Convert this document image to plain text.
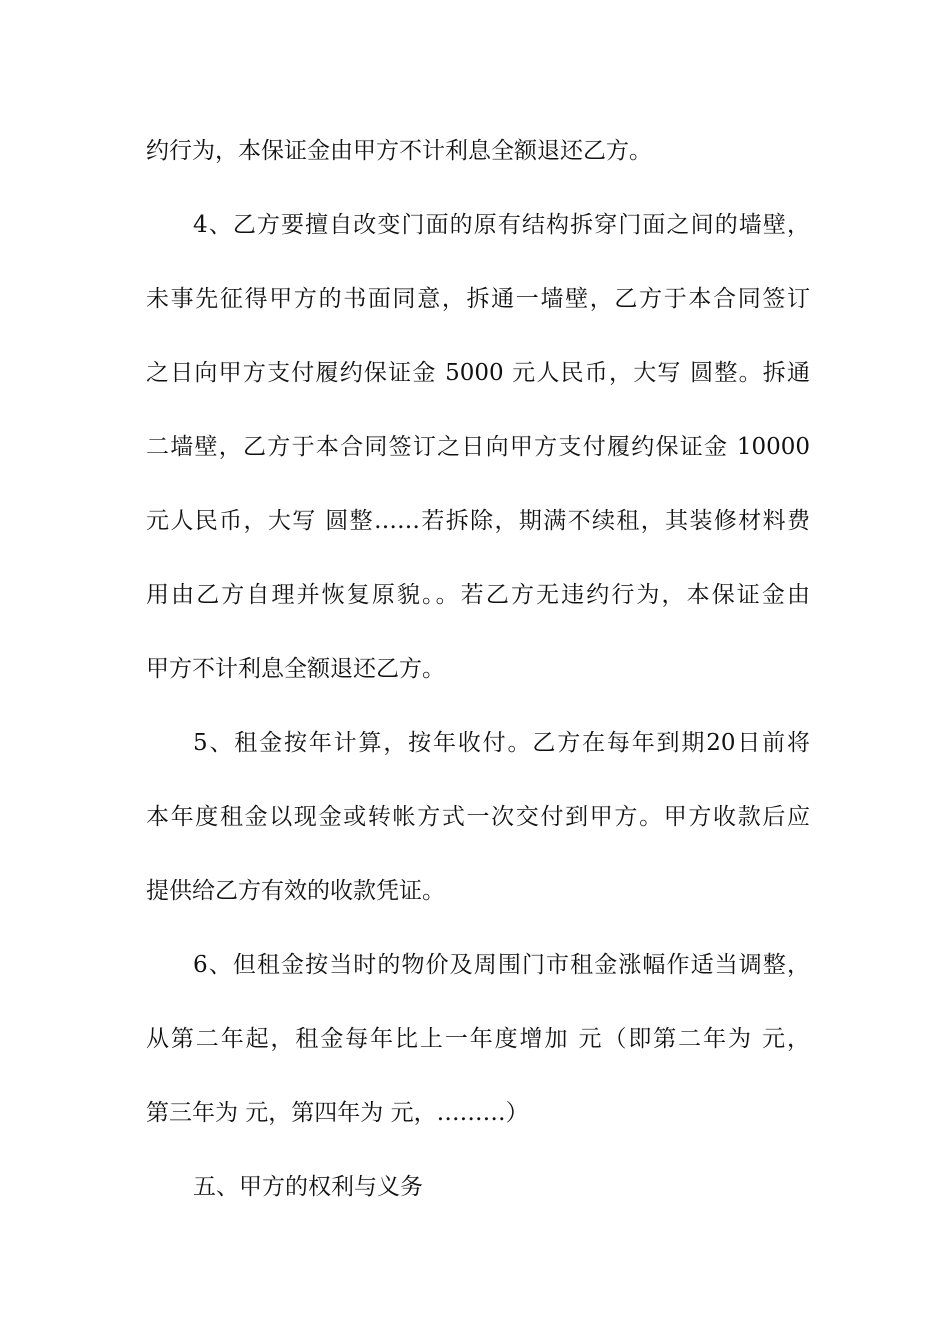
约行为，本保证金由甲方不计利息全额退还乙方。
4、乙方要擅自改变门面的原有结构拆穿门面之间的墙壁，
未事先征得甲方的书面同意，拆通一墙壁，乙方于本合同签订
之日向甲方支付履约保证金 5000 元人民币，大写 圆整。拆通
二墙壁，乙方于本合同签订之日向甲方支付履约保证金 10000
元人民币，大写 圆整……若拆除，期满不续租，其装修材料费
用由乙方自理并恢复原貌。。若乙方无违约行为，本保证金由
甲方不计利息全额退还乙方。
5、租金按年计算，按年收付。乙方在每年到期20日前将
本年度租金以现金或转帐方式一次交付到甲方。甲方收款后应
提供给乙方有效的收款凭证。
6、但租金按当时的物价及周围门市租金涨幅作适当调整，
从第二年起，租金每年比上一年度增加 元（即第二年为 元，
第三年为 元，第四年为 元，………）
五、甲方的权利与义务
